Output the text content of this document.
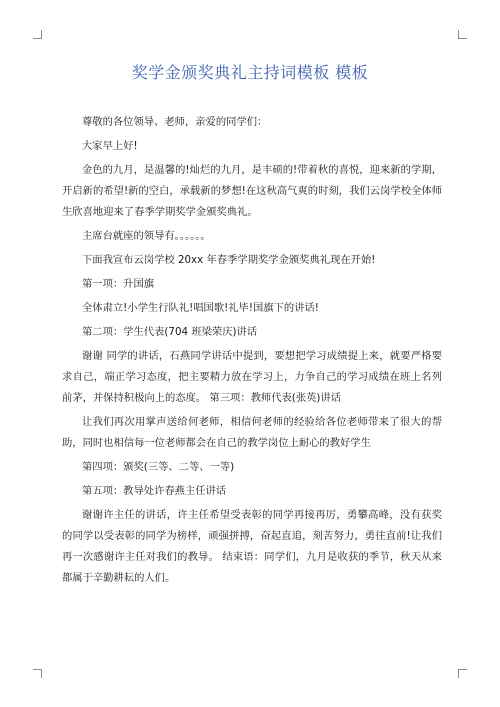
奖学金颁奖典礼主持词模板 模板

尊敬的各位领导、老师，亲爱的同学们：

大家早上好!

金色的九月，是温馨的!灿烂的九月，是丰硕的!带着秋的喜悦，迎来新的学期，开启新的希望!新的空白，承载新的梦想!在这秋高气爽的时刻，我们云岗学校全体师生欣喜地迎来了春季学期奖学金颁奖典礼。

主席台就座的领导有。。。。。。

下面我宣布云岗学校 20xx 年春季学期奖学金颁奖典礼现在开始!

第一项：升国旗

全体肃立!小学生行队礼!唱国歌!礼毕!国旗下的讲话!

第二项：学生代表(704 班梁荣庆)讲话

谢谢 同学的讲话，石燕同学讲话中提到，要想把学习成绩提上来，就要严格要求自己，端正学习态度，把主要精力放在学习上，力争自己的学习成绩在班上名列前茅，并保持积极向上的态度。 第三项：教师代表(张英)讲话

让我们再次用掌声送给何老师，相信何老师的经验给各位老师带来了很大的帮助，同时也相信每一位老师都会在自己的教学岗位上耐心的教好学生

第四项：颁奖(三等、二等、一等)

第五项：教导处许春燕主任讲话

谢谢许主任的讲话，许主任希望受表彰的同学再接再厉，勇攀高峰，没有获奖的同学以受表彰的同学为榜样，顽强拼搏，奋起直追，刻苦努力，勇往直前!让我们再一次感谢许主任对我们的教导。 结束语：同学们，九月是收获的季节，秋天从来都属于辛勤耕耘的人们。
